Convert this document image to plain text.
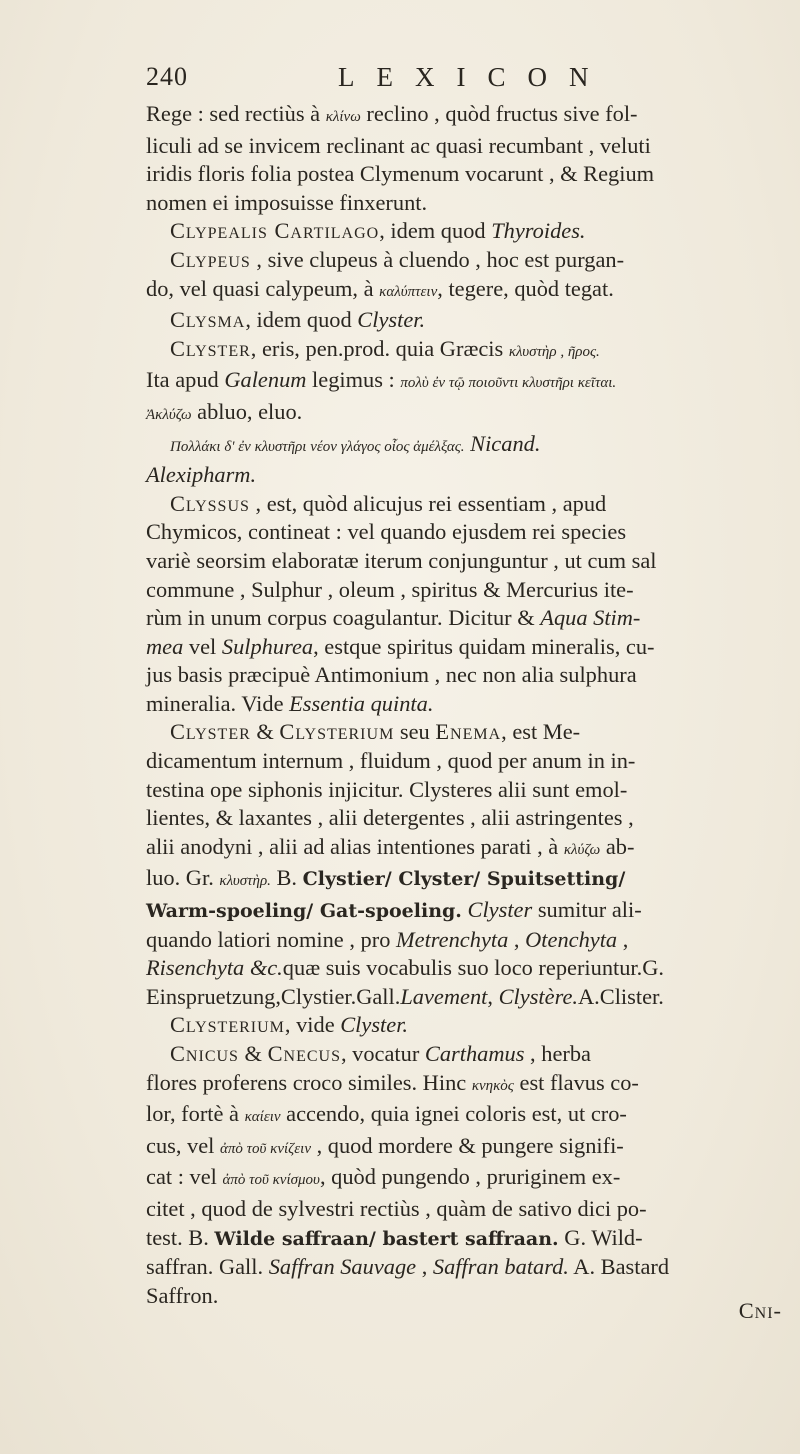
240	LEXICON
Rege : sed rectiùs à κλίνω reclino , quòd fructus sive fol-
liculi ad se invicem reclinant ac quasi recumbant , veluti
iridis floris folia postea Clymenum vocarunt , & Regium
nomen ei imposuisse finxerunt.
Clypealis Cartilago, idem quod Thyroides.
Clypeus , sive clupeus à cluendo , hoc est purgan-
do, vel quasi calypeum, à καλύπτειν, tegere, quòd tegat.
Clysma, idem quod Clyster.
Clyster, eris, pen.prod. quia Græcis κλυστὴρ , ῆρος.
Ita apud Galenum legimus : πολὺ ἐν τῷ ποιοῦντι κλυστῆρι κεῖται.
Ἀκλύζω abluo, eluo.
Πολλάκι δ' ἐν κλυστῆρι νέον γλάγος οἷος ἀμέλξας. Nicand.
Alexipharm.
Clyssus , est, quòd alicujus rei essentiam , apud
Chymicos, contineat : vel quando ejusdem rei species
variè seorsim elaboratæ iterum conjunguntur , ut cum sal
commune , Sulphur , oleum , spiritus & Mercurius ite-
rùm in unum corpus coagulantur. Dicitur & Aqua Stim-
mea vel Sulphurea, estque spiritus quidam mineralis, cu-
jus basis præcipuè Antimonium , nec non alia sulphura
mineralia. Vide Essentia quinta.
Clyster & Clysterium seu Enema, est Me-
dicamentum internum , fluidum , quod per anum in in-
testina ope siphonis injicitur. Clysteres alii sunt emol-
lientes, & laxantes , alii detergentes , alii astringentes ,
alii anodyni , alii ad alias intentiones parati , à κλύζω ab-
luo. Gr. κλυστὴρ. B. Clystier/ Clyster/ Spuitsetting/
Warm-spoeling/ Gat-spoeling. Clyster sumitur ali-
quando latiori nomine , pro Metrenchyta , Otenchyta ,
Risenchyta &c.quæ suis vocabulis suo loco reperiuntur.G.
Einspruetzung,Clystier.Gall.Lavement, Clystère.A.Clister.
Clysterium, vide Clyster.
Cnicus & Cnecus, vocatur Carthamus , herba
flores proferens croco similes. Hinc κνηκὸς est flavus co-
lor, fortè à καίειν accendo, quia ignei coloris est, ut cro-
cus, vel ἀπὸ τοῦ κνίζειν , quod mordere & pungere signifi-
cat : vel ἀπὸ τοῦ κνίσμου, quòd pungendo , pruriginem ex-
citet , quod de sylvestri rectiùs , quàm de sativo dici po-
test. B. Wilde saffraan/ bastert saffraan. G. Wild-
saffran. Gall. Saffran Sauvage , Saffran batard. A. Bastard
Saffron.
Cni-
